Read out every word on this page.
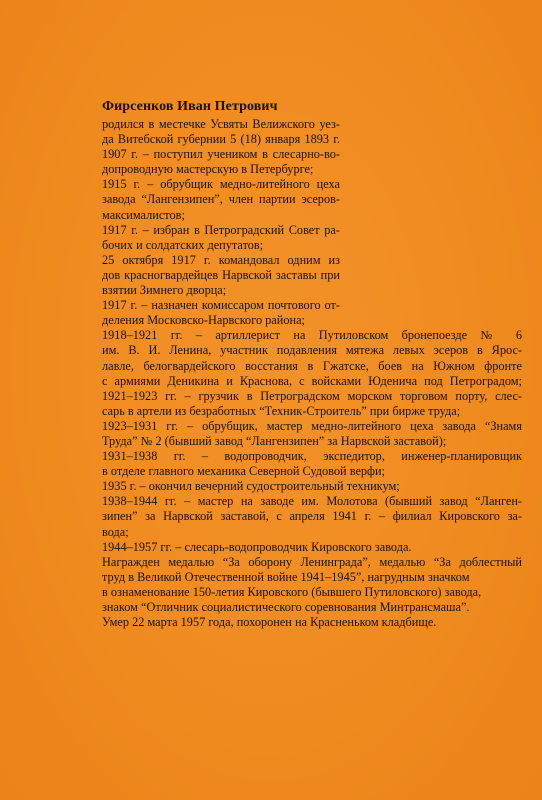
Фирсенков Иван Петрович
родился в местечке Усвяты Велижского уез-
да Витебской губернии 5 (18) января 1893 г.
1907 г. – поступил учеником в слесарно-во-
допроводную мастерскую в Петербурге;
1915 г. – обрубщик медно-литейного цеха
завода “Лангензипен”, член партии эсеров-
максималистов;
1917 г. – избран в Петроградский Совет ра-
бочих и солдатских депутатов;
25 октября 1917 г. командовал одним из
дов красногвардейцев Нарвской заставы при
взятии Зимнего дворца;
1917 г. – назначен комиссаром почтового от-
деления Московско-Нарвского района;
1918–1921 гг. – артиллерист на Путиловском бронепоезде № 6
им. В. И. Ленина, участник подавления мятежа левых эсеров в Ярос-
лавле, белогвардейского восстания в Гжатске, боев на Южном фронте
с армиями Деникина и Краснова, с войсками Юденича под Петроградом;
1921–1923 гг. – грузчик в Петроградском морском торговом порту, слес-
сарь в артели из безработных “Техник-Строитель” при бирже труда;
1923–1931 гг. – обрубщик, мастер медно-литейного цеха завода “Знамя
Труда” № 2 (бывший завод “Лангензипен” за Нарвской заставой);
1931–1938 гг. – водопроводчик, экспедитор, инженер-планировщик
в отделе главного механика Северной Судовой верфи;
1935 г. – окончил вечерний судостроительный техникум;
1938–1944 гг. – мастер на заводе им. Молотова (бывший завод “Ланген-
зипен” за Нарвской заставой, с апреля 1941 г. – филиал Кировского за-
вода;
1944–1957 гг. – слесарь-водопроводчик Кировского завода.
Награжден медалью “За оборону Ленинграда”, медалью “За доблестный
труд в Великой Отечественной войне 1941–1945”, нагрудным значком
в ознаменование 150-летия Кировского (бывшего Путиловского) завода,
знаком “Отличник социалистического соревнования Минтрансмаша”.
Умер 22 марта 1957 года, похоронен на Красненьком кладбище.
